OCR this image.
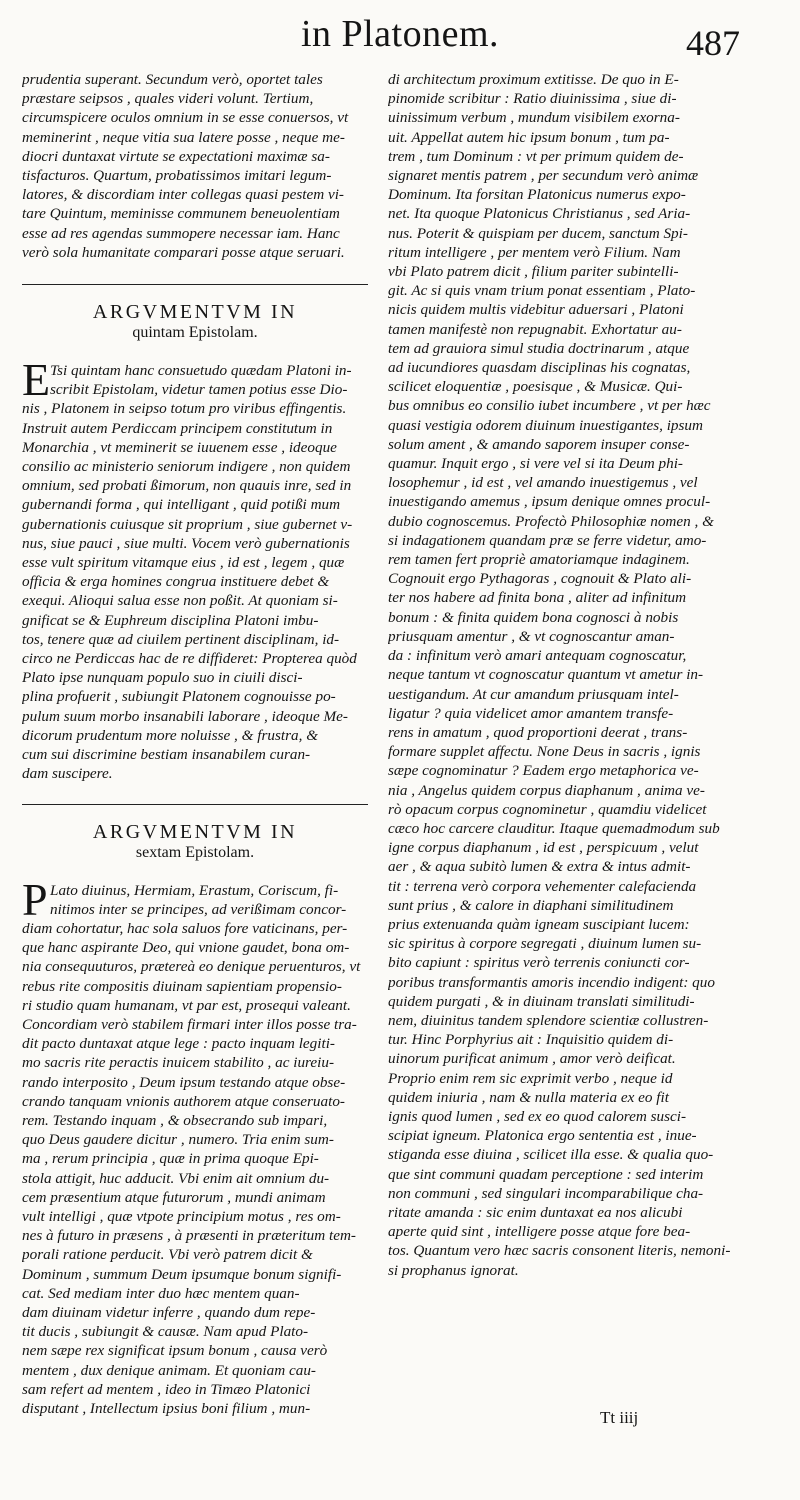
in Platonem.	487
prudentia superant. Secundum verò, oportet tales
præstare seipsos , quales videri volunt. Tertium,
circumspicere oculos omnium in se esse conuersos, vt
meminerint , neque vitia sua latere posse , neque me-
diocri duntaxat virtute se expectationi maximæ sa-
tisfacturos. Quartum, probatissimos imitari legum-
latores, & discordiam inter collegas quasi pestem vi-
tare Quintum, meminisse communem beneuolentiam
esse ad res agendas summopere necessar iam. Hanc
verò sola humanitate comparari posse atque seruari.
ARGVMENTVM IN
quintam Epistolam.
E Tsi quintam hanc consuetudo quædam Platoni in-
scribit Epistolam, videtur tamen potius esse Dio-
nis , Platonem in seipso totum pro viribus effingentis.
Instruit autem Perdiccam principem constitutum in
Monarchia , vt meminerit se iuuenem esse , ideoque
consilio ac ministerio seniorum indigere , non quidem
omnium, sed probati ßimorum, non quauis inre, sed in
gubernandi forma , qui intelligant , quid potißi mum
gubernationis cuiusque sit proprium , siue gubernet v-
nus, siue pauci , siue multi. Vocem verò gubernationis
esse vult spiritum vitamque eius , id est , legem , quæ
officia & erga homines congrua instituere debet &
exequi. Alioqui salua esse non poßit. At quoniam si-
gnificat se & Euphreum disciplina Platoni imbu-
tos, tenere quæ ad ciuilem pertinent disciplinam, id-
circo ne Perdiccas hac de re diffideret: Propterea quòd
Plato ipse nunquam populo suo in ciuili disci-
plina profuerit , subiungit Platonem cognouisse po-
pulum suum morbo insanabili laborare , ideoque Me-
dicorum prudentum more noluisse , & frustra, &
cum sui discrimine bestiam insanabilem curan-
dam suscipere.
ARGVMENTVM IN
sextam Epistolam.
P Lato diuinus, Hermiam, Erastum, Coriscum, fi-
nitimos inter se principes, ad verißimam concor-
diam cohortatur, hac sola saluos fore vaticinans, per-
que hanc aspirante Deo, qui vnione gaudet, bona om-
nia consequuturos, prætereà eo denique peruenturos, vt
rebus rite compositis diuinam sapientiam propensio-
ri studio quam humanam, vt par est, prosequi valeant.
Concordiam verò stabilem firmari inter illos posse tra-
dit pacto duntaxat atque lege : pacto inquam legiti-
mo sacris rite peractis inuicem stabilito , ac iureiu-
rando interposito , Deum ipsum testando atque obse-
crando tanquam vnionis authorem atque conseruato-
rem. Testando inquam , & obsecrando sub impari,
quo Deus gaudere dicitur , numero. Tria enim sum-
ma , rerum principia , quæ in prima quoque Epi-
stola attigit, huc adducit. Vbi enim ait omnium du-
cem præsentium atque futurorum , mundi animam
vult intelligi , quæ vtpote principium motus , res om-
nes à futuro in præsens , à præsenti in præteritum tem-
porali ratione perducit. Vbi verò patrem dicit &
Dominum , summum Deum ipsumque bonum signifi-
cat. Sed mediam inter duo hæc mentem quan-
dam diuinam videtur inferre , quando dum repe-
tit ducis , subiungit & causæ. Nam apud Plato-
nem sæpe rex significat ipsum bonum , causa verò
mentem , dux denique animam. Et quoniam cau-
sam refert ad mentem , ideo in Timæo Platonici
disputant , Intellectum ipsius boni filium , mun-
di architectum proximum extitisse. De quo in E-
pinomide scribitur : Ratio diuinissima , siue di-
uinissimum verbum , mundum visibilem exorna-
uit. Appellat autem hic ipsum bonum , tum pa-
trem , tum Dominum : vt per primum quidem de-
signaret mentis patrem , per secundum verò animæ
Dominum. Ita forsitan Platonicus numerus expo-
net. Ita quoque Platonicus Christianus , sed Aria-
nus. Poterit & quispiam per ducem, sanctum Spi-
ritum intelligere , per mentem verò Filium. Nam
vbi Plato patrem dicit , filium pariter subintelli-
git. Ac si quis vnam trium ponat essentiam , Plato-
nicis quidem multis videbitur aduersari , Platoni
tamen manifestè non repugnabit. Exhortatur au-
tem ad grauiora simul studia doctrinarum , atque
ad iucundiores quasdam disciplinas his cognatas,
scilicet eloquentiæ , poesisque , & Musicæ. Qui-
bus omnibus eo consilio iubet incumbere , vt per hæc
quasi vestigia odorem diuinum inuestigantes, ipsum
solum ament , & amando saporem insuper conse-
quamur. Inquit ergo , si vere vel si ita Deum phi-
losophemur , id est , vel amando inuestigemus , vel
inuestigando amemus , ipsum denique omnes procul-
dubio cognoscemus. Profectò Philosophiæ nomen , &
si indagationem quandam præ se ferre videtur, amo-
rem tamen fert propriè amatoriamque indaginem.
Cognouit ergo Pythagoras , cognouit & Plato ali-
ter nos habere ad finita bona , aliter ad infinitum
bonum : & finita quidem bona cognosci à nobis
priusquam amentur , & vt cognoscantur aman-
da : infinitum verò amari antequam cognoscatur,
neque tantum vt cognoscatur quantum vt ametur in-
uestigandum. At cur amandum priusquam intel-
ligatur ? quia videlicet amor amantem transfe-
rens in amatum , quod proportioni deerat , trans-
formare supplet affectu. None Deus in sacris , ignis
sæpe cognominatur ? Eadem ergo metaphorica ve-
nia , Angelus quidem corpus diaphanum , anima ve-
rò opacum corpus cognominetur , quamdiu videlicet
cæco hoc carcere clauditur. Itaque quemadmodum sub
igne corpus diaphanum , id est , perspicuum , velut
aer , & aqua subitò lumen & extra & intus admit-
tit : terrena verò corpora vehementer calefacienda
sunt prius , & calore in diaphani similitudinem
prius extenuanda quàm igneam suscipiant lucem:
sic spiritus à corpore segregati , diuinum lumen su-
bito capiunt : spiritus verò terrenis coniuncti cor-
poribus transformantis amoris incendio indigent: quo
quidem purgati , & in diuinam translati similitudi-
nem, diuinitus tandem splendore scientiæ collustren-
tur. Hinc Porphyrius ait : Inquisitio quidem di-
uinorum purificat animum , amor verò deificat.
Proprio enim rem sic exprimit verbo , neque id
quidem iniuria , nam & nulla materia ex eo fit
ignis quod lumen , sed ex eo quod calorem susci-
scipiat igneum. Platonica ergo sententia est , inue-
stiganda esse diuina , scilicet illa esse. & qualia quo-
que sint communi quadam perceptione : sed interim
non communi , sed singulari incomparabilique cha-
ritate amanda : sic enim duntaxat ea nos alicubi
aperte quid sint , intelligere posse atque fore bea-
tos. Quantum vero hæc sacris consonent literis, nemoni-
si prophanus ignorat.
Tt iiij
